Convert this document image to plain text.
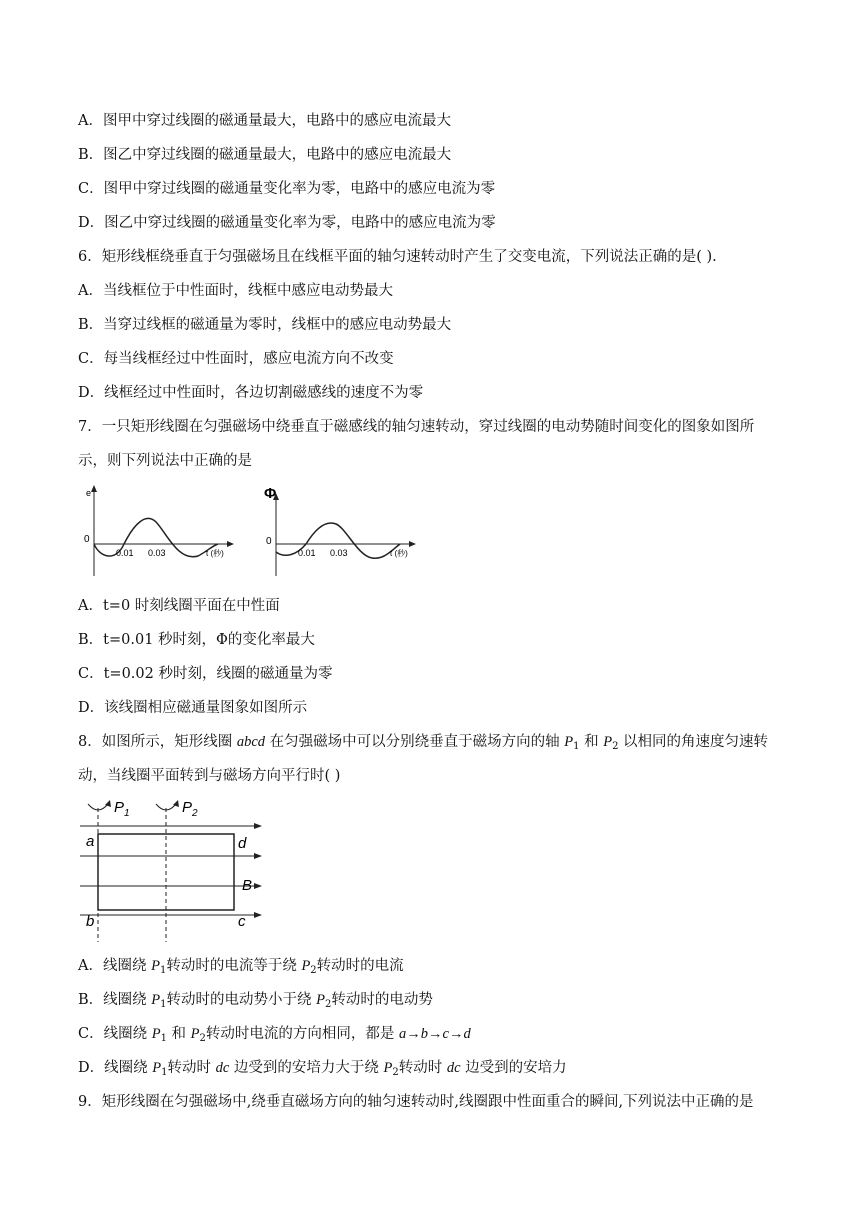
A．图甲中穿过线圈的磁通量最大，电路中的感应电流最大
B．图乙中穿过线圈的磁通量最大，电路中的感应电流最大
C．图甲中穿过线圈的磁通量变化率为零，电路中的感应电流为零
D．图乙中穿过线圈的磁通量变化率为零，电路中的感应电流为零
6．矩形线框绕垂直于匀强磁场且在线框平面的轴匀速转动时产生了交变电流，下列说法正确的是( ).
A．当线框位于中性面时，线框中感应电动势最大
B．当穿过线框的磁通量为零时，线框中的感应电动势最大
C．每当线框经过中性面时，感应电流方向不改变
D．线框经过中性面时，各边切割磁感线的速度不为零
7．一只矩形线圈在匀强磁场中绕垂直于磁感线的轴匀速转动，穿过线圈的电动势随时间变化的图象如图所
示，则下列说法中正确的是
e
0
0.01 0.03	t (秒)
Φ
0
0.01 0.03	t (秒)
A．t=0 时刻线圈平面在中性面
B．t=0.01 秒时刻，Φ的变化率最大
C．t=0.02 秒时刻，线圈的磁通量为零
D．该线圈相应磁通量图象如图所示
8．如图所示，矩形线圈 abcd 在匀强磁场中可以分别绕垂直于磁场方向的轴 $P_1$ 和 $P_2$ 以相同的角速度匀速转
动，当线圈平面转到与磁场方向平行时( )
$P_1$	$P_2$
a
b	c
d
B
A．线圈绕 $P_1$转动时的电流等于绕 $P_2$转动时的电流
B．线圈绕 $P_1$转动时的电动势小于绕 $P_2$转动时的电动势
C．线圈绕 $P_1$ 和 $P_2$转动时电流的方向相同，都是 a→b→c→d
D．线圈绕 $P_1$转动时 dc 边受到的安培力大于绕 $P_2$转动时 dc 边受到的安培力
9．矩形线圈在匀强磁场中,绕垂直磁场方向的轴匀速转动时,线圈跟中性面重合的瞬间,下列说法中正确的是
